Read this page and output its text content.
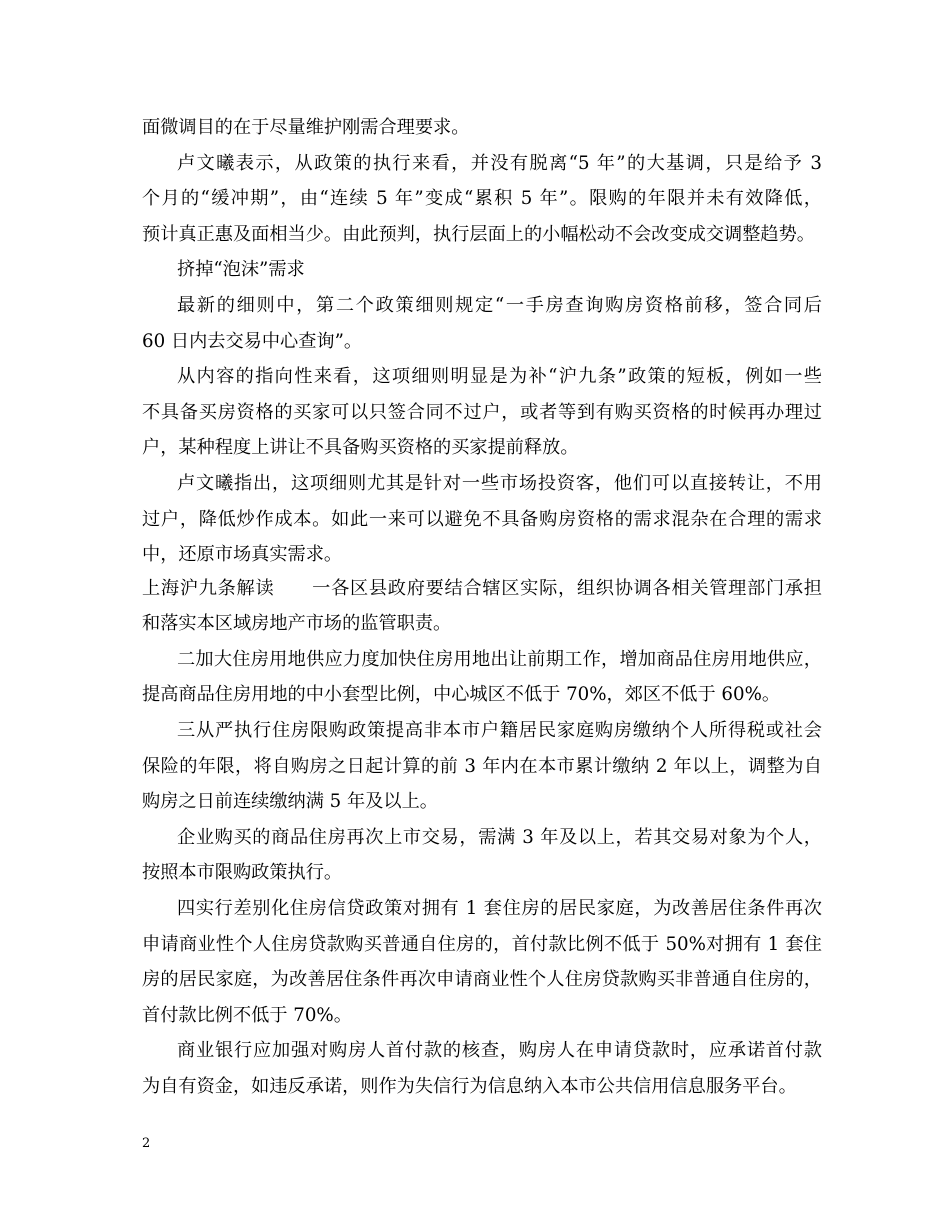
面微调目的在于尽量维护刚需合理要求。
卢文曦表示，从政策的执行来看，并没有脱离“5 年”的大基调，只是给予 3
个月的“缓冲期”，由“连续 5 年”变成“累积 5 年”。限购的年限并未有效降低，
预计真正惠及面相当少。由此预判，执行层面上的小幅松动不会改变成交调整趋势。
挤掉“泡沫”需求
最新的细则中，第二个政策细则规定“一手房查询购房资格前移，签合同后
60 日内去交易中心查询”。
从内容的指向性来看，这项细则明显是为补“沪九条”政策的短板，例如一些
不具备买房资格的买家可以只签合同不过户，或者等到有购买资格的时候再办理过
户，某种程度上讲让不具备购买资格的买家提前释放。
卢文曦指出，这项细则尤其是针对一些市场投资客，他们可以直接转让，不用
过户，降低炒作成本。如此一来可以避免不具备购房资格的需求混杂在合理的需求
中，还原市场真实需求。
上海沪九条解读　　一各区县政府要结合辖区实际，组织协调各相关管理部门承担
和落实本区域房地产市场的监管职责。
二加大住房用地供应力度加快住房用地出让前期工作，增加商品住房用地供应，
提高商品住房用地的中小套型比例，中心城区不低于 70%，郊区不低于 60%。
三从严执行住房限购政策提高非本市户籍居民家庭购房缴纳个人所得税或社会
保险的年限，将自购房之日起计算的前 3 年内在本市累计缴纳 2 年以上，调整为自
购房之日前连续缴纳满 5 年及以上。
企业购买的商品住房再次上市交易，需满 3 年及以上，若其交易对象为个人，
按照本市限购政策执行。
四实行差别化住房信贷政策对拥有 1 套住房的居民家庭，为改善居住条件再次
申请商业性个人住房贷款购买普通自住房的，首付款比例不低于 50%对拥有 1 套住
房的居民家庭，为改善居住条件再次申请商业性个人住房贷款购买非普通自住房的，
首付款比例不低于 70%。
商业银行应加强对购房人首付款的核查，购房人在申请贷款时，应承诺首付款
为自有资金，如违反承诺，则作为失信行为信息纳入本市公共信用信息服务平台。
2
